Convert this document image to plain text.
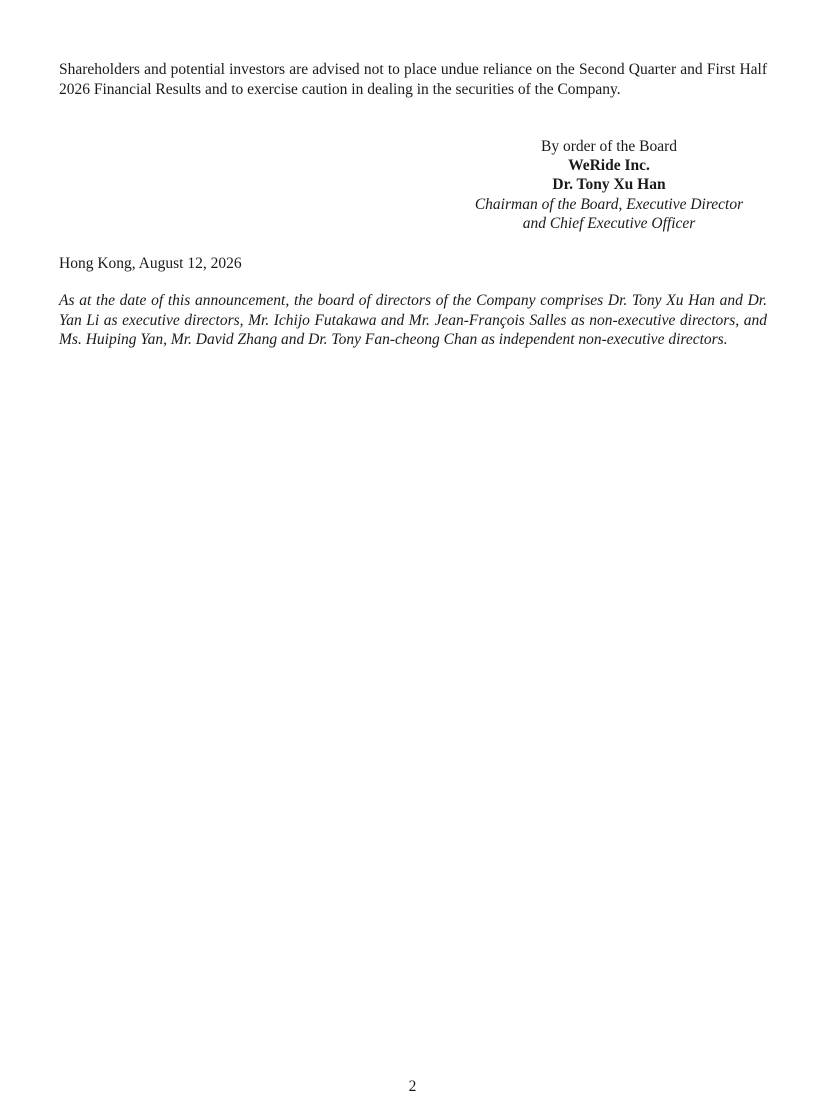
Shareholders and potential investors are advised not to place undue reliance on the Second Quarter and First Half 2026 Financial Results and to exercise caution in dealing in the securities of the Company.

By order of the Board
WeRide Inc.
Dr. Tony Xu Han
Chairman of the Board, Executive Director
and Chief Executive Officer
Hong Kong, August 12, 2026

As at the date of this announcement, the board of directors of the Company comprises Dr. Tony Xu Han and Dr. Yan Li as executive directors, Mr. Ichijo Futakawa and Mr. Jean-François Salles as non-executive directors, and Ms. Huiping Yan, Mr. David Zhang and Dr. Tony Fan-cheong Chan as independent non-executive directors.

2
